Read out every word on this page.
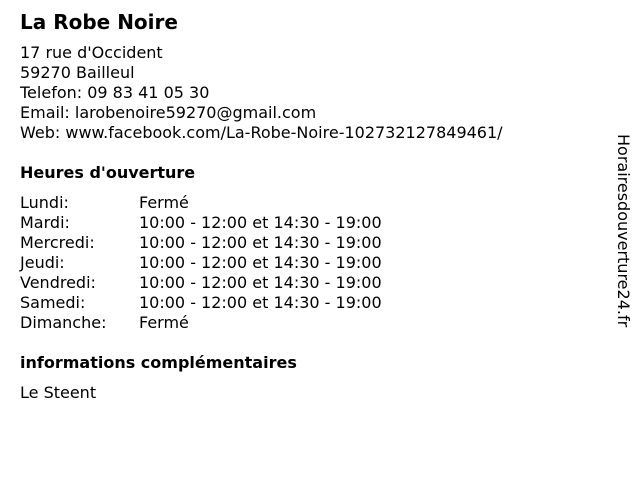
La Robe Noire
17 rue d'Occident
59270 Bailleul
Telefon: 09 83 41 05 30
Email: larobenoire59270@gmail.com
Web: www.facebook.com/La-Robe-Noire-102732127849461/
Heures d'ouverture
Lundi:	Fermé
Mardi:	10:00 - 12:00 et 14:30 - 19:00
Mercredi:	10:00 - 12:00 et 14:30 - 19:00
Jeudi:	10:00 - 12:00 et 14:30 - 19:00
Vendredi:	10:00 - 12:00 et 14:30 - 19:00
Samedi:	10:00 - 12:00 et 14:30 - 19:00
Dimanche:	Fermé
informations complémentaires
Le Steent
Horairesdouverture24.fr
